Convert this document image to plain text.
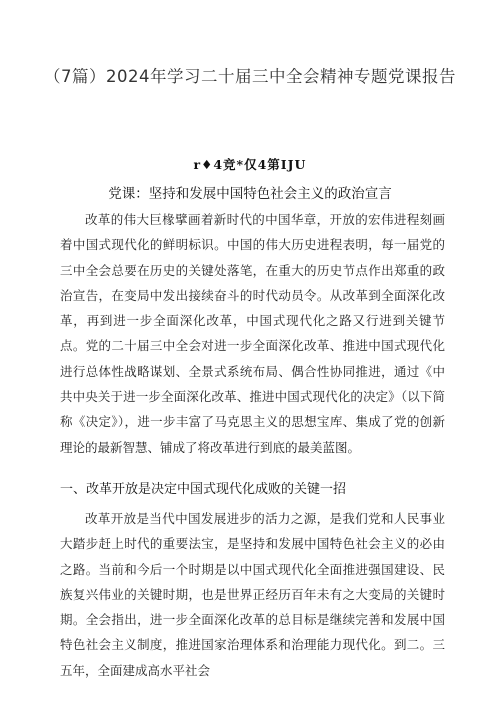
（7篇）2024年学习二十届三中全会精神专题党课报告
r♦4竞*仅4第IJU
党课：坚持和发展中国特色社会主义的政治宣言

改革的伟大巨椽擘画着新时代的中国华章，开放的宏伟进程刻画着中国式现代化的鲜明标识。中国的伟大历史进程表明，每一届党的三中全会总要在历史的关键处落笔，在重大的历史节点作出郑重的政治宣告，在变局中发出接续奋斗的时代动员令。从改革到全面深化改革，再到进一步全面深化改革，中国式现代化之路又行进到关键节点。党的二十届三中全会对进一步全面深化改革、推进中国式现代化进行总体性战略谋划、全景式系统布局、偶合性协同推进，通过《中共中央关于进一步全面深化改革、推进中国式现代化的决定》（以下简称《决定》），进一步丰富了马克思主义的思想宝库、集成了党的创新理论的最新智慧、铺成了将改革进行到底的最美蓝图。

一、改革开放是决定中国式现代化成败的关键一招

改革开放是当代中国发展进步的活力之源，是我们党和人民事业大踏步赶上时代的重要法宝，是坚持和发展中国特色社会主义的必由之路。当前和今后一个时期是以中国式现代化全面推进强国建设、民族复兴伟业的关键时期，也是世界正经历百年未有之大变局的关键时期。全会指出，进一步全面深化改革的总目标是继续完善和发展中国特色社会主义制度，推进国家治理体系和治理能力现代化。到二。三五年，全面建成高水平社会
